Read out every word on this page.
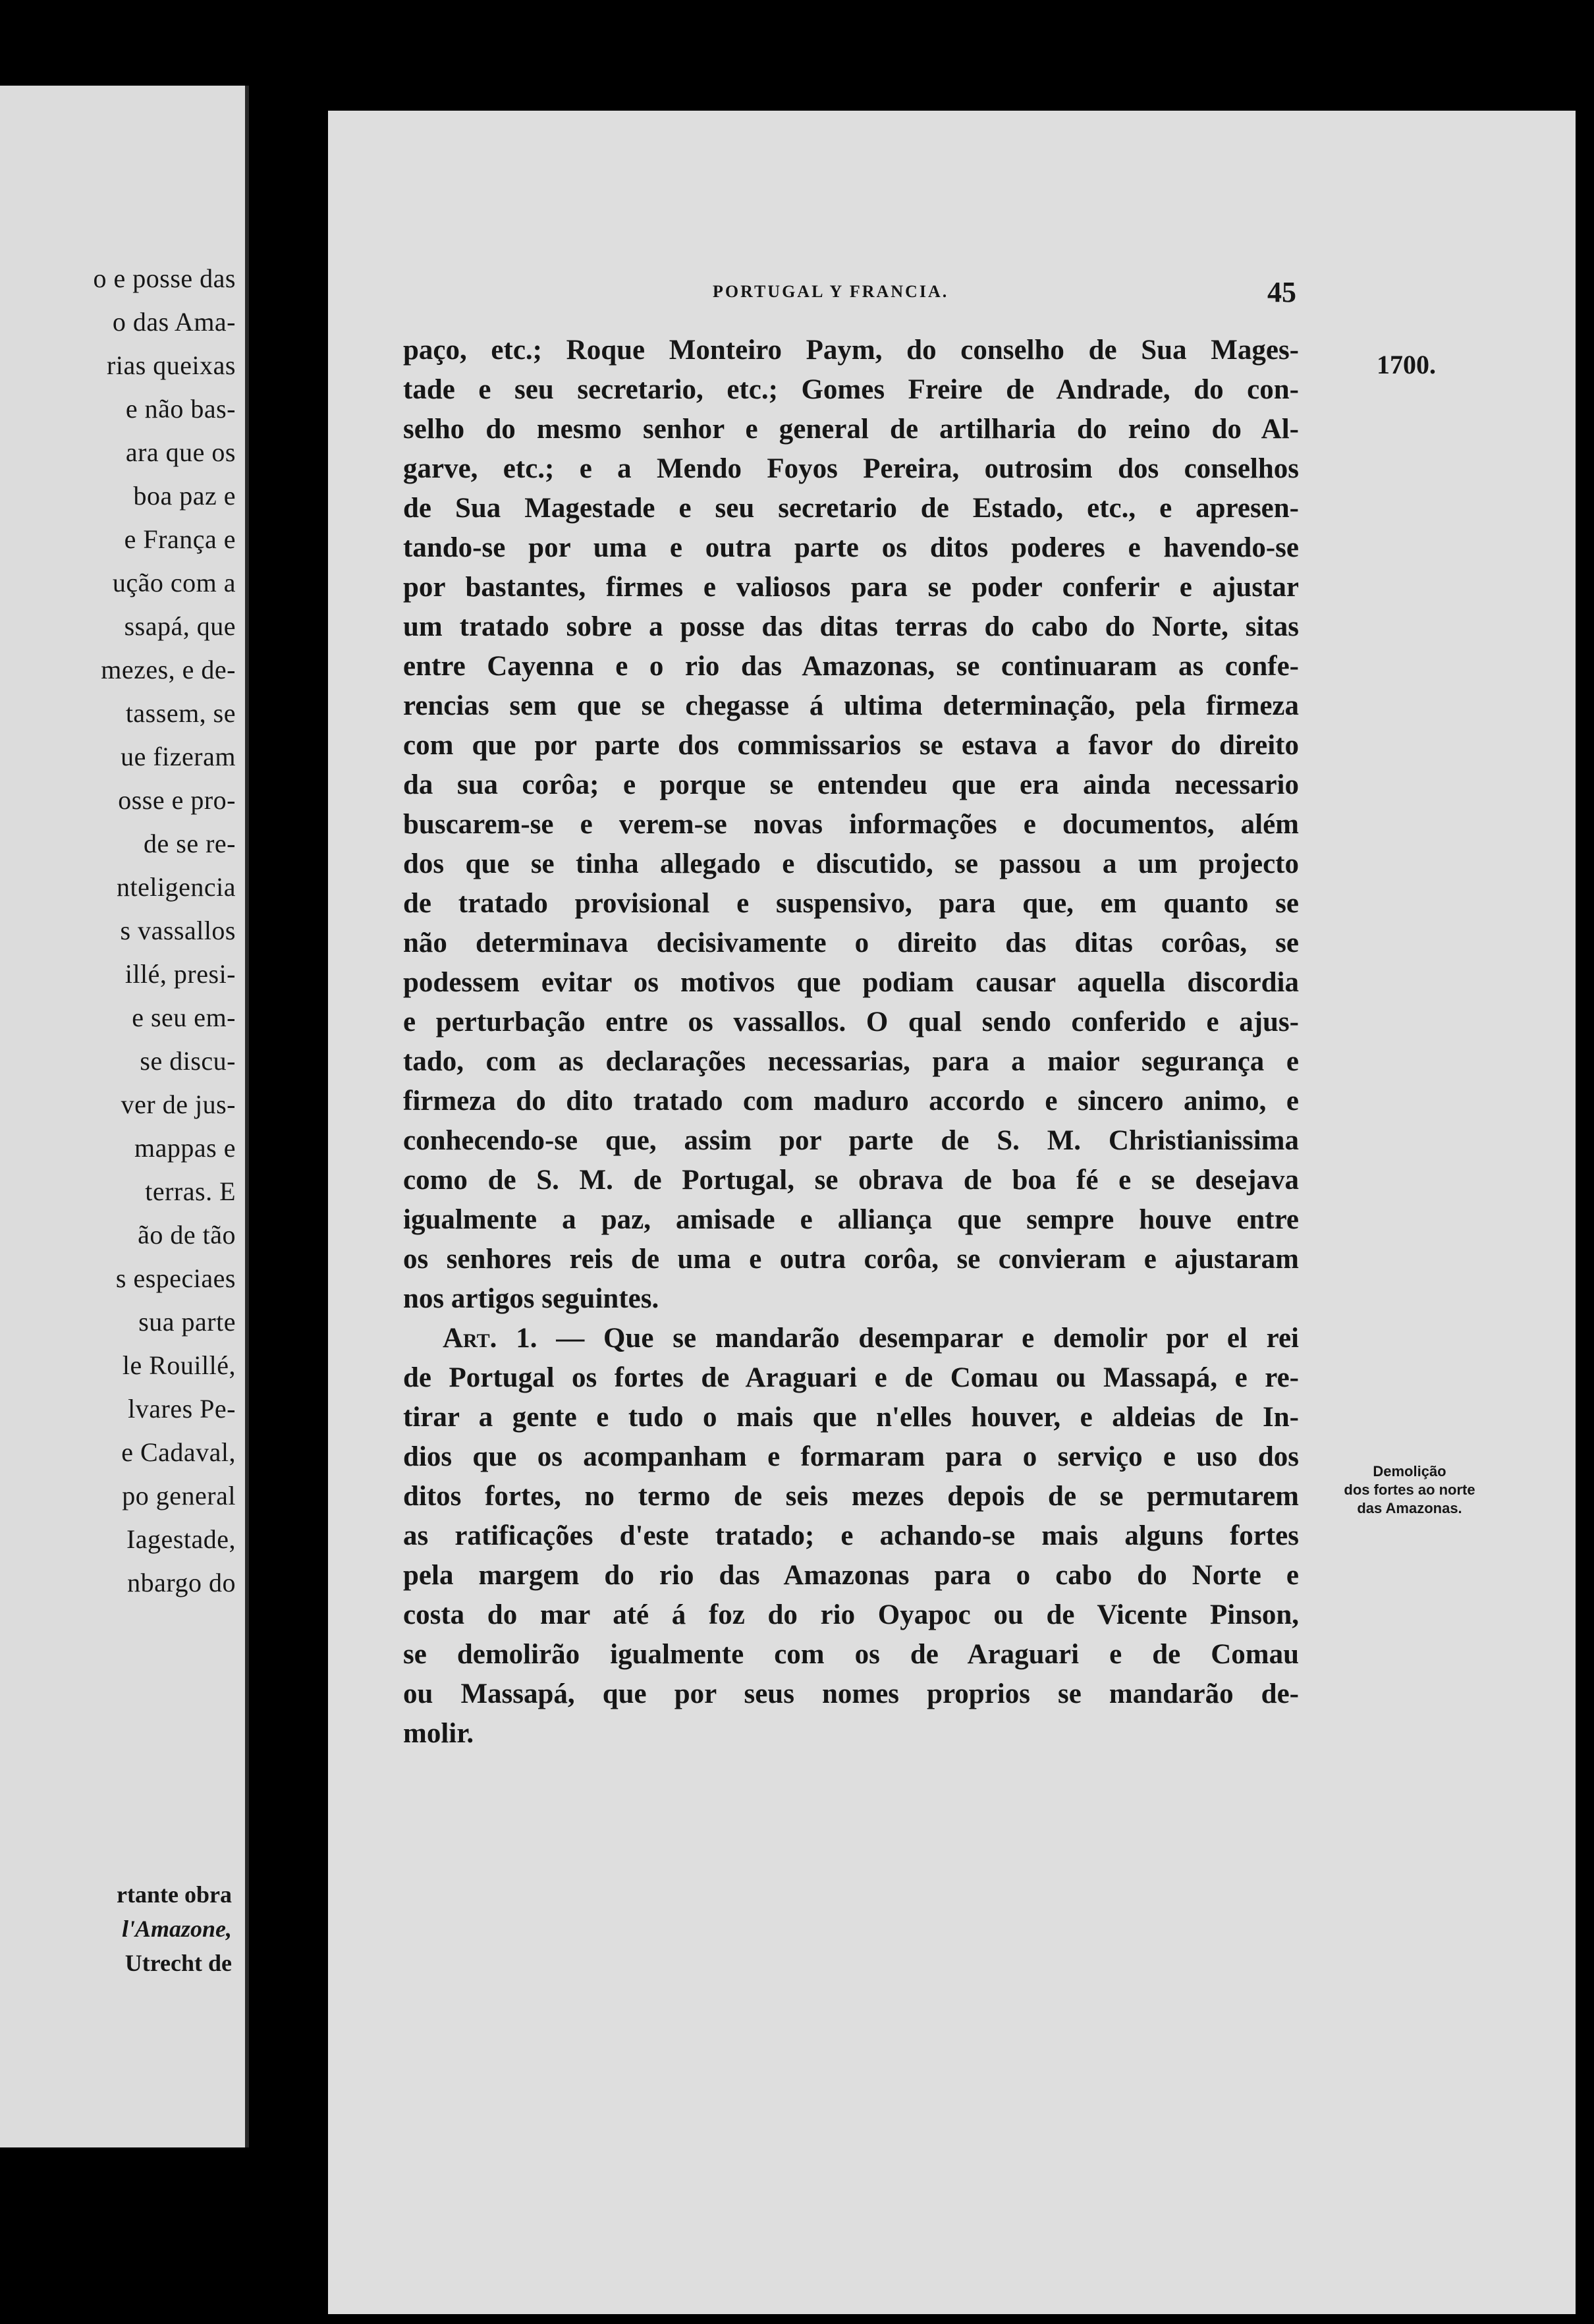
o e posse das
o das Ama-
rias queixas
e não bas-
ara que os
boa paz e
e França e
ução com a
ssapá, que
mezes, e de-
tassem, se
ue fizeram
osse e pro-
de se re-
nteligencia
s vassallos
illé, presi-
e seu em-
se discu-
ver de jus-
mappas e
terras. E
ão de tão
s especiaes
sua parte
le Rouillé,
lvares Pe-
e Cadaval,
po general
Iagestade,
nbargo do
rtante obra
l'Amazone,
Utrecht de
PORTUGAL Y FRANCIA.	45
1700.
paço, etc.; Roque Monteiro Paym, do conselho de Sua Mages-
tade e seu secretario, etc.; Gomes Freire de Andrade, do con-
selho do mesmo senhor e general de artilharia do reino do Al-
garve, etc.; e a Mendo Foyos Pereira, outrosim dos conselhos
de Sua Magestade e seu secretario de Estado, etc., e apresen-
tando-se por uma e outra parte os ditos poderes e havendo-se
por bastantes, firmes e valiosos para se poder conferir e ajustar
um tratado sobre a posse das ditas terras do cabo do Norte, sitas
entre Cayenna e o rio das Amazonas, se continuaram as confe-
rencias sem que se chegasse á ultima determinação, pela firmeza
com que por parte dos commissarios se estava a favor do direito
da sua corôa; e porque se entendeu que era ainda necessario
buscarem-se e verem-se novas informações e documentos, além
dos que se tinha allegado e discutido, se passou a um projecto
de tratado provisional e suspensivo, para que, em quanto se
não determinava decisivamente o direito das ditas corôas, se
podessem evitar os motivos que podiam causar aquella discordia
e perturbação entre os vassallos. O qual sendo conferido e ajus-
tado, com as declarações necessarias, para a maior segurança e
firmeza do dito tratado com maduro accordo e sincero animo, e
conhecendo-se que, assim por parte de S. M. Christianissima
como de S. M. de Portugal, se obrava de boa fé e se desejava
igualmente a paz, amisade e alliança que sempre houve entre
os senhores reis de uma e outra corôa, se convieram e ajustaram
nos artigos seguintes.
Art. 1. — Que se mandarão desemparar e demolir por el rei
de Portugal os fortes de Araguari e de Comau ou Massapá, e re-
tirar a gente e tudo o mais que n'elles houver, e aldeias de In-
dios que os acompanham e formaram para o serviço e uso dos
ditos fortes, no termo de seis mezes depois de se permutarem
as ratificações d'este tratado; e achando-se mais alguns fortes
pela margem do rio das Amazonas para o cabo do Norte e
costa do mar até á foz do rio Oyapoc ou de Vicente Pinson,
se demolirão igualmente com os de Araguari e de Comau
ou Massapá, que por seus nomes proprios se mandarão de-
molir.
Demolição
dos fortes ao norte
das Amazonas.
